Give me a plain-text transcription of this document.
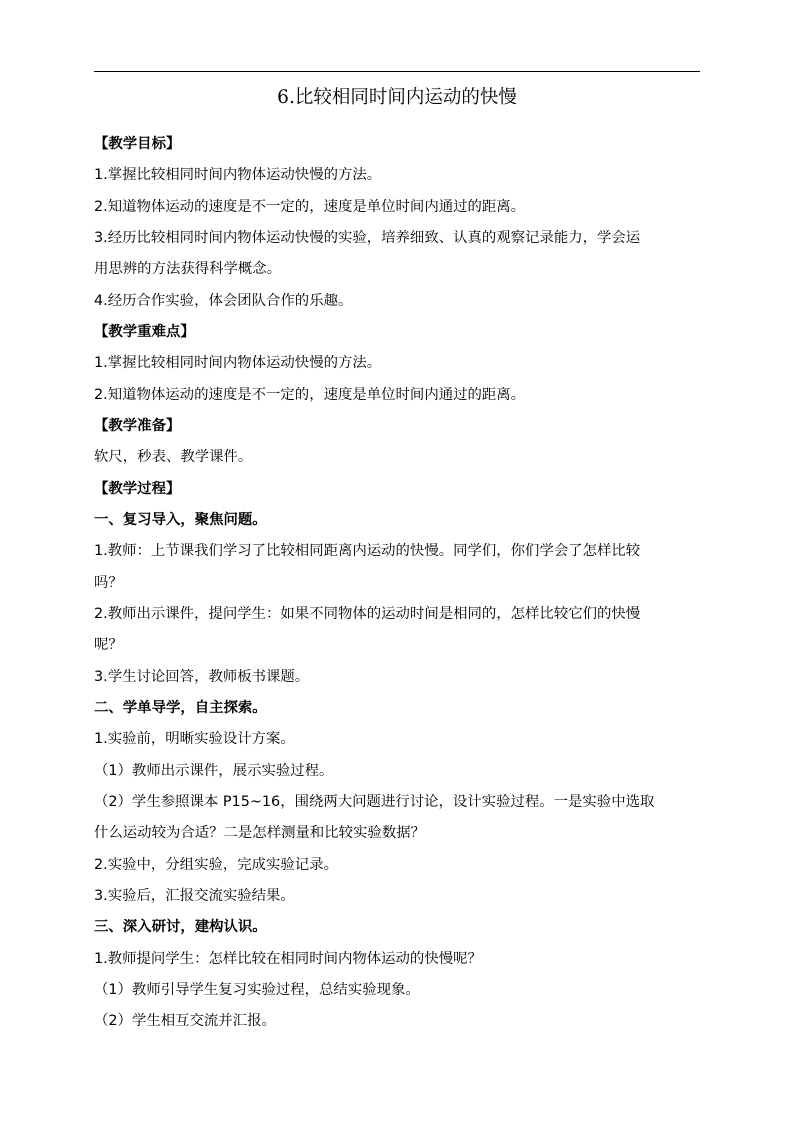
6.比较相同时间内运动的快慢
【教学目标】
1.掌握比较相同时间内物体运动快慢的方法。
2.知道物体运动的速度是不一定的，速度是单位时间内通过的距离。
3.经历比较相同时间内物体运动快慢的实验，培养细致、认真的观察记录能力，学会运
用思辨的方法获得科学概念。
4.经历合作实验，体会团队合作的乐趣。
【教学重难点】
1.掌握比较相同时间内物体运动快慢的方法。
2.知道物体运动的速度是不一定的，速度是单位时间内通过的距离。
【教学准备】
软尺，秒表、教学课件。
【教学过程】
一、复习导入，聚焦问题。
1.教师：上节课我们学习了比较相同距离内运动的快慢。同学们，你们学会了怎样比较
吗？
2.教师出示课件，提问学生：如果不同物体的运动时间是相同的，怎样比较它们的快慢
呢？
3.学生讨论回答，教师板书课题。
二、学单导学，自主探索。
1.实验前，明晰实验设计方案。
（1）教师出示课件，展示实验过程。
（2）学生参照课本 P15~16，围绕两大问题进行讨论，设计实验过程。一是实验中选取
什么运动较为合适？二是怎样测量和比较实验数据？
2.实验中，分组实验，完成实验记录。
3.实验后，汇报交流实验结果。
三、深入研讨，建构认识。
1.教师提问学生：怎样比较在相同时间内物体运动的快慢呢？
（1）教师引导学生复习实验过程，总结实验现象。
（2）学生相互交流并汇报。
